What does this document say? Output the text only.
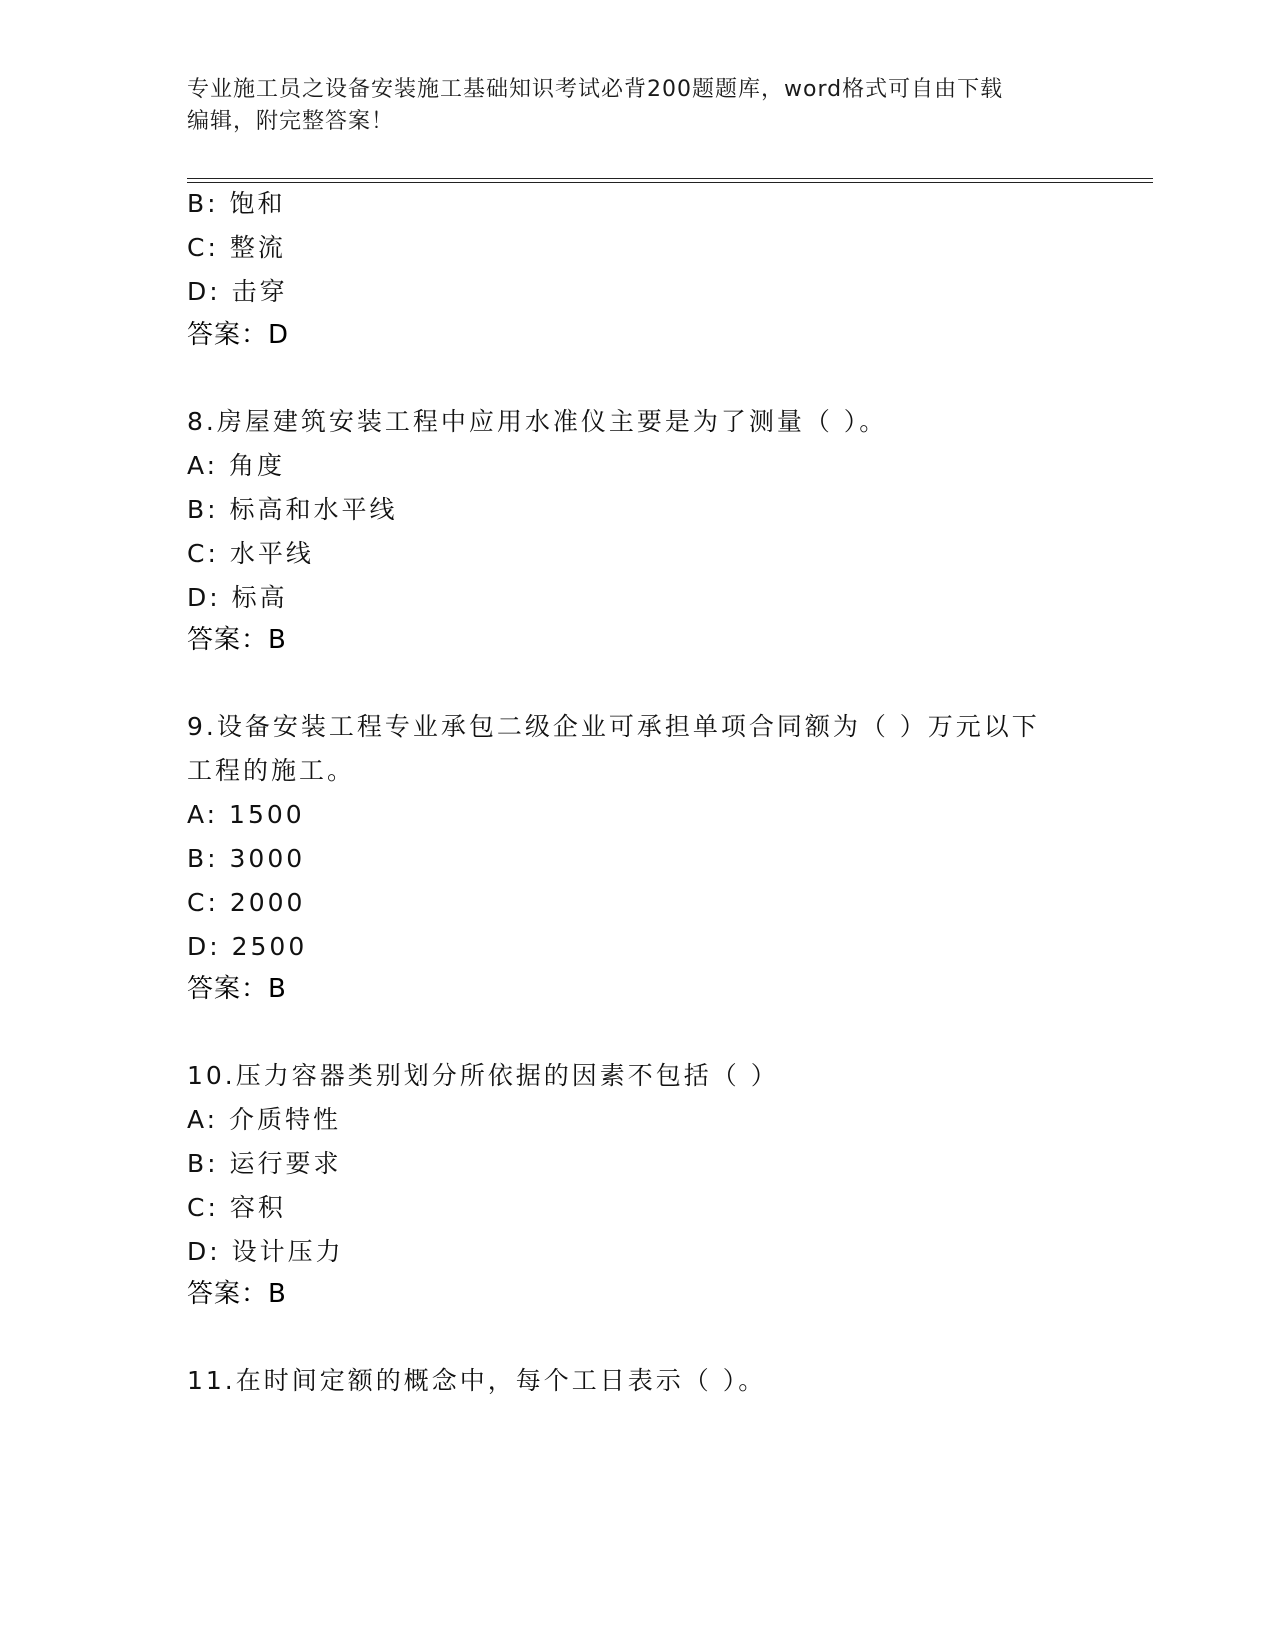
专业施工员之设备安装施工基础知识考试必背200题题库，word格式可自由下载
编辑，附完整答案！
B: 饱和
C: 整流
D: 击穿
答案：D
8.房屋建筑安装工程中应用水准仪主要是为了测量（ ）。
A: 角度
B: 标高和水平线
C: 水平线
D: 标高
答案：B
9.设备安装工程专业承包二级企业可承担单项合同额为（ ）万元以下
工程的施工。
A: 1500
B: 3000
C: 2000
D: 2500
答案：B
10.压力容器类别划分所依据的因素不包括（ ）
A: 介质特性
B: 运行要求
C: 容积
D: 设计压力
答案：B
11.在时间定额的概念中，每个工日表示（ ）。
